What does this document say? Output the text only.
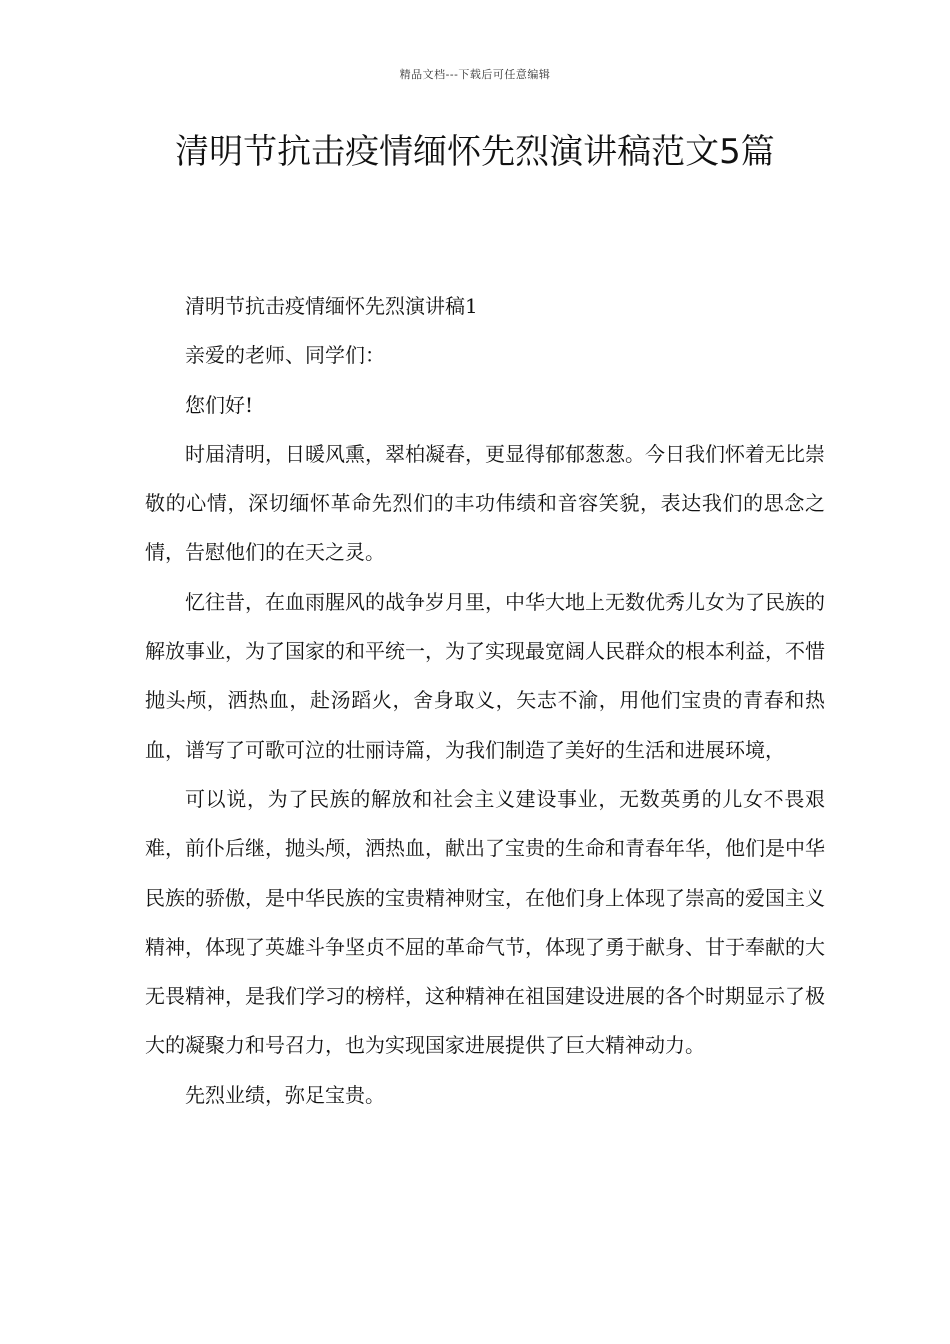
精品文档---下载后可任意编辑
清明节抗击疫情缅怀先烈演讲稿范文5篇

清明节抗击疫情缅怀先烈演讲稿1

亲爱的老师、同学们：

您们好!

时届清明，日暖风熏，翠柏凝春，更显得郁郁葱葱。今日我们怀着无比崇敬的心情，深切缅怀革命先烈们的丰功伟绩和音容笑貌，表达我们的思念之情，告慰他们的在天之灵。

忆往昔，在血雨腥风的战争岁月里，中华大地上无数优秀儿女为了民族的解放事业，为了国家的和平统一，为了实现最宽阔人民群众的根本利益，不惜抛头颅，洒热血，赴汤蹈火，舍身取义，矢志不渝，用他们宝贵的青春和热血，谱写了可歌可泣的壮丽诗篇，为我们制造了美好的生活和进展环境，

可以说，为了民族的解放和社会主义建设事业，无数英勇的儿女不畏艰难，前仆后继，抛头颅，洒热血，献出了宝贵的生命和青春年华，他们是中华民族的骄傲，是中华民族的宝贵精神财宝，在他们身上体现了崇高的爱国主义精神，体现了英雄斗争坚贞不屈的革命气节，体现了勇于献身、甘于奉献的大无畏精神，是我们学习的榜样，这种精神在祖国建设进展的各个时期显示了极大的凝聚力和号召力，也为实现国家进展提供了巨大精神动力。

先烈业绩，弥足宝贵。
